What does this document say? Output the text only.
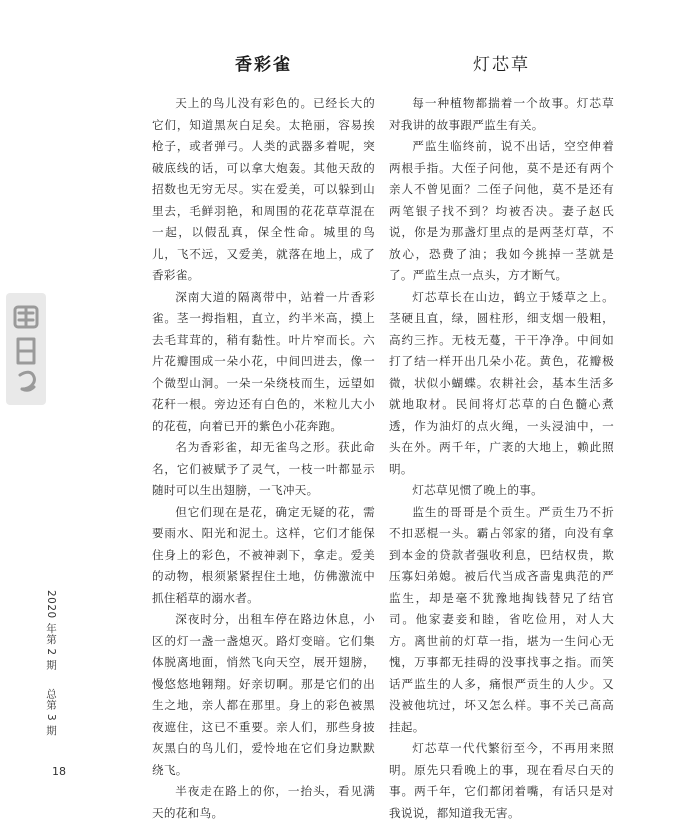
2020 年第 2 期  总第 3 期
18
香彩雀

天上的鸟儿没有彩色的。已经长大的它们，知道黑灰白足矣。太艳丽，容易挨枪子，或者弹弓。人类的武器多着呢，突破底线的话，可以拿大炮轰。其他天敌的招数也无穷无尽。实在爱美，可以躲到山里去，毛鲜羽艳，和周围的花花草草混在一起，以假乱真，保全性命。城里的鸟儿，飞不远，又爱美，就落在地上，成了香彩雀。

深南大道的隔离带中，站着一片香彩雀。茎一拇指粗，直立，约半米高，摸上去毛茸茸的，稍有黏性。叶片窄而长。六片花瓣围成一朵小花，中间凹进去，像一个微型山洞。一朵一朵绕枝而生，远望如花秆一根。旁边还有白色的，米粒儿大小的花苞，向着已开的紫色小花奔跑。

名为香彩雀，却无雀鸟之形。获此命名，它们被赋予了灵气，一枝一叶都显示随时可以生出翅膀，一飞冲天。

但它们现在是花，确定无疑的花，需要雨水、阳光和泥土。这样，它们才能保住身上的彩色，不被神剥下，拿走。爱美的动物，根须紧紧捏住土地，仿佛激流中抓住稻草的溺水者。

深夜时分，出租车停在路边休息，小区的灯一盏一盏熄灭。路灯变暗。它们集体脱离地面，悄然飞向天空，展开翅膀，慢悠悠地翱翔。好亲切啊。那是它们的出生之地，亲人都在那里。身上的彩色被黑夜遮住，这已不重要。亲人们，那些身披灰黑白的鸟儿们，爱怜地在它们身边默默绕飞。

半夜走在路上的你，一抬头，看见满天的花和鸟。

灯芯草

每一种植物都揣着一个故事。灯芯草对我讲的故事跟严监生有关。

严监生临终前，说不出话，空空伸着两根手指。大侄子问他，莫不是还有两个亲人不曾见面？二侄子问他，莫不是还有两笔银子找不到？均被否决。妻子赵氏说，你是为那盏灯里点的是两茎灯草，不放心，恐费了油；我如今挑掉一茎就是了。严监生点一点头，方才断气。

灯芯草长在山边，鹤立于矮草之上。茎硬且直，绿，圆柱形，细支烟一般粗，高约三拃。无枝无蔓，干干净净。中间如打了结一样开出几朵小花。黄色，花瓣极微，状似小蝴蝶。农耕社会，基本生活多就地取材。民间将灯芯草的白色髓心煮透，作为油灯的点火绳，一头浸油中，一头在外。两千年，广袤的大地上，赖此照明。

灯芯草见惯了晚上的事。

监生的哥哥是个贡生。严贡生乃不折不扣恶棍一头。霸占邻家的猪，向没有拿到本金的贷款者强收利息，巴结权贵，欺压寡妇弟媳。被后代当成吝啬鬼典范的严监生，却是毫不犹豫地掏钱替兄了结官司。他家妻妾和睦，省吃俭用，对人大方。离世前的灯草一指，堪为一生问心无愧，万事都无挂碍的没事找事之指。而笑话严监生的人多，痛恨严贡生的人少。又没被他坑过，坏又怎么样。事不关己高高挂起。

灯芯草一代代繁衍至今，不再用来照明。原先只看晚上的事，现在看尽白天的事。两千年，它们都闭着嘴，有话只是对我说说，都知道我无害。
